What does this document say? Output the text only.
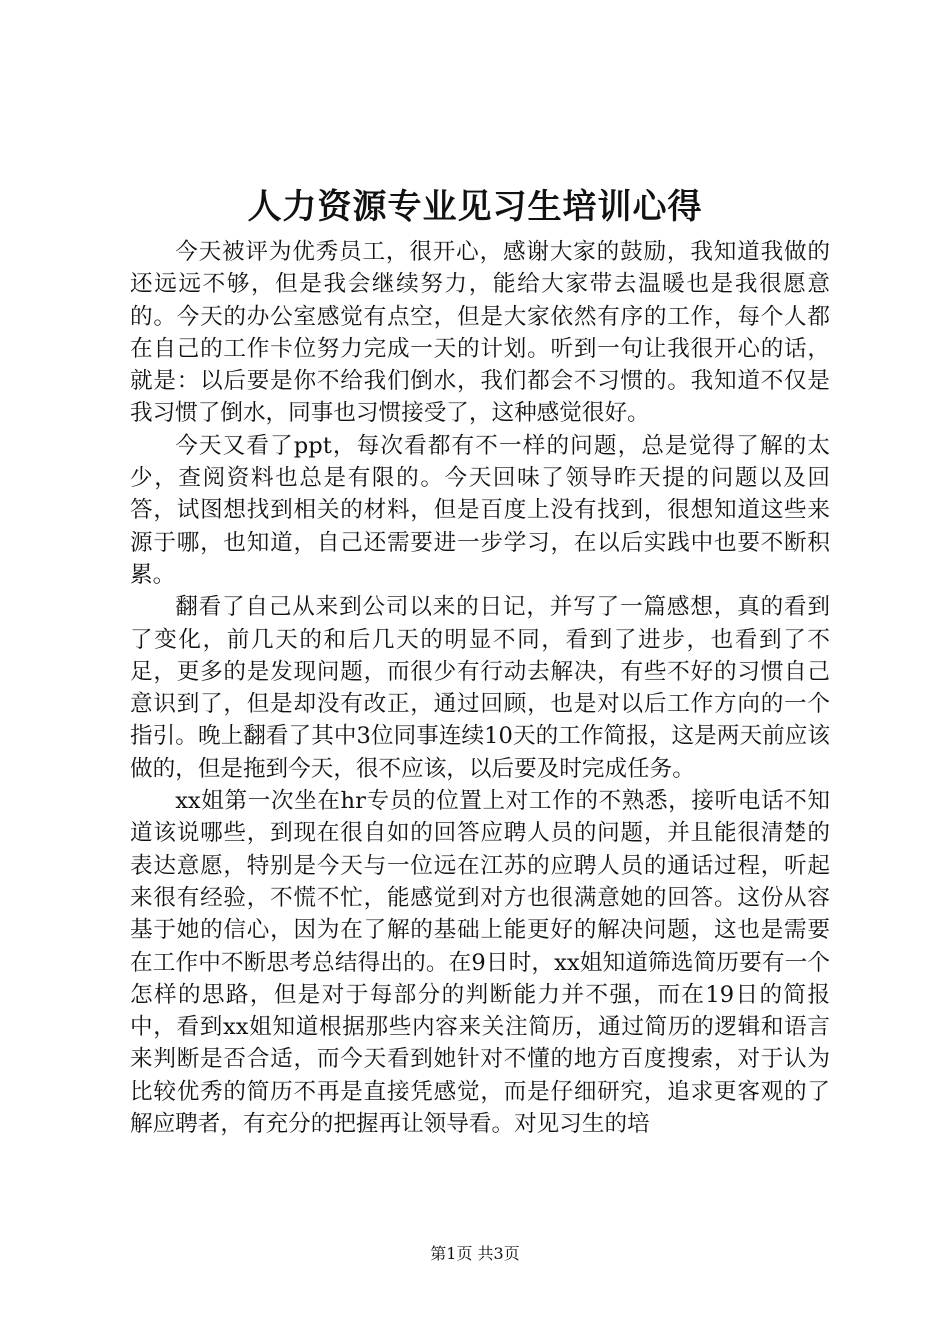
人力资源专业见习生培训心得

今天被评为优秀员工，很开心，感谢大家的鼓励，我知道我做的还远远不够，但是我会继续努力，能给大家带去温暖也是我很愿意的。今天的办公室感觉有点空，但是大家依然有序的工作，每个人都在自己的工作卡位努力完成一天的计划。听到一句让我很开心的话，就是：以后要是你不给我们倒水，我们都会不习惯的。我知道不仅是我习惯了倒水，同事也习惯接受了，这种感觉很好。

今天又看了ppt，每次看都有不一样的问题，总是觉得了解的太少，查阅资料也总是有限的。今天回味了领导昨天提的问题以及回答，试图想找到相关的材料，但是百度上没有找到，很想知道这些来源于哪，也知道，自己还需要进一步学习，在以后实践中也要不断积累。

翻看了自己从来到公司以来的日记，并写了一篇感想，真的看到了变化，前几天的和后几天的明显不同，看到了进步，也看到了不足，更多的是发现问题，而很少有行动去解决，有些不好的习惯自己意识到了，但是却没有改正，通过回顾，也是对以后工作方向的一个指引。晚上翻看了其中3位同事连续10天的工作简报，这是两天前应该做的，但是拖到今天，很不应该，以后要及时完成任务。

xx姐第一次坐在hr专员的位置上对工作的不熟悉，接听电话不知道该说哪些，到现在很自如的回答应聘人员的问题，并且能很清楚的表达意愿，特别是今天与一位远在江苏的应聘人员的通话过程，听起来很有经验，不慌不忙，能感觉到对方也很满意她的回答。这份从容基于她的信心，因为在了解的基础上能更好的解决问题，这也是需要在工作中不断思考总结得出的。在9日时，xx姐知道筛选简历要有一个怎样的思路，但是对于每部分的判断能力并不强，而在19日的简报中，看到xx姐知道根据那些内容来关注简历，通过简历的逻辑和语言来判断是否合适，而今天看到她针对不懂的地方百度搜索，对于认为比较优秀的简历不再是直接凭感觉，而是仔细研究，追求更客观的了解应聘者，有充分的把握再让领导看。对见习生的培

第1页 共3页
